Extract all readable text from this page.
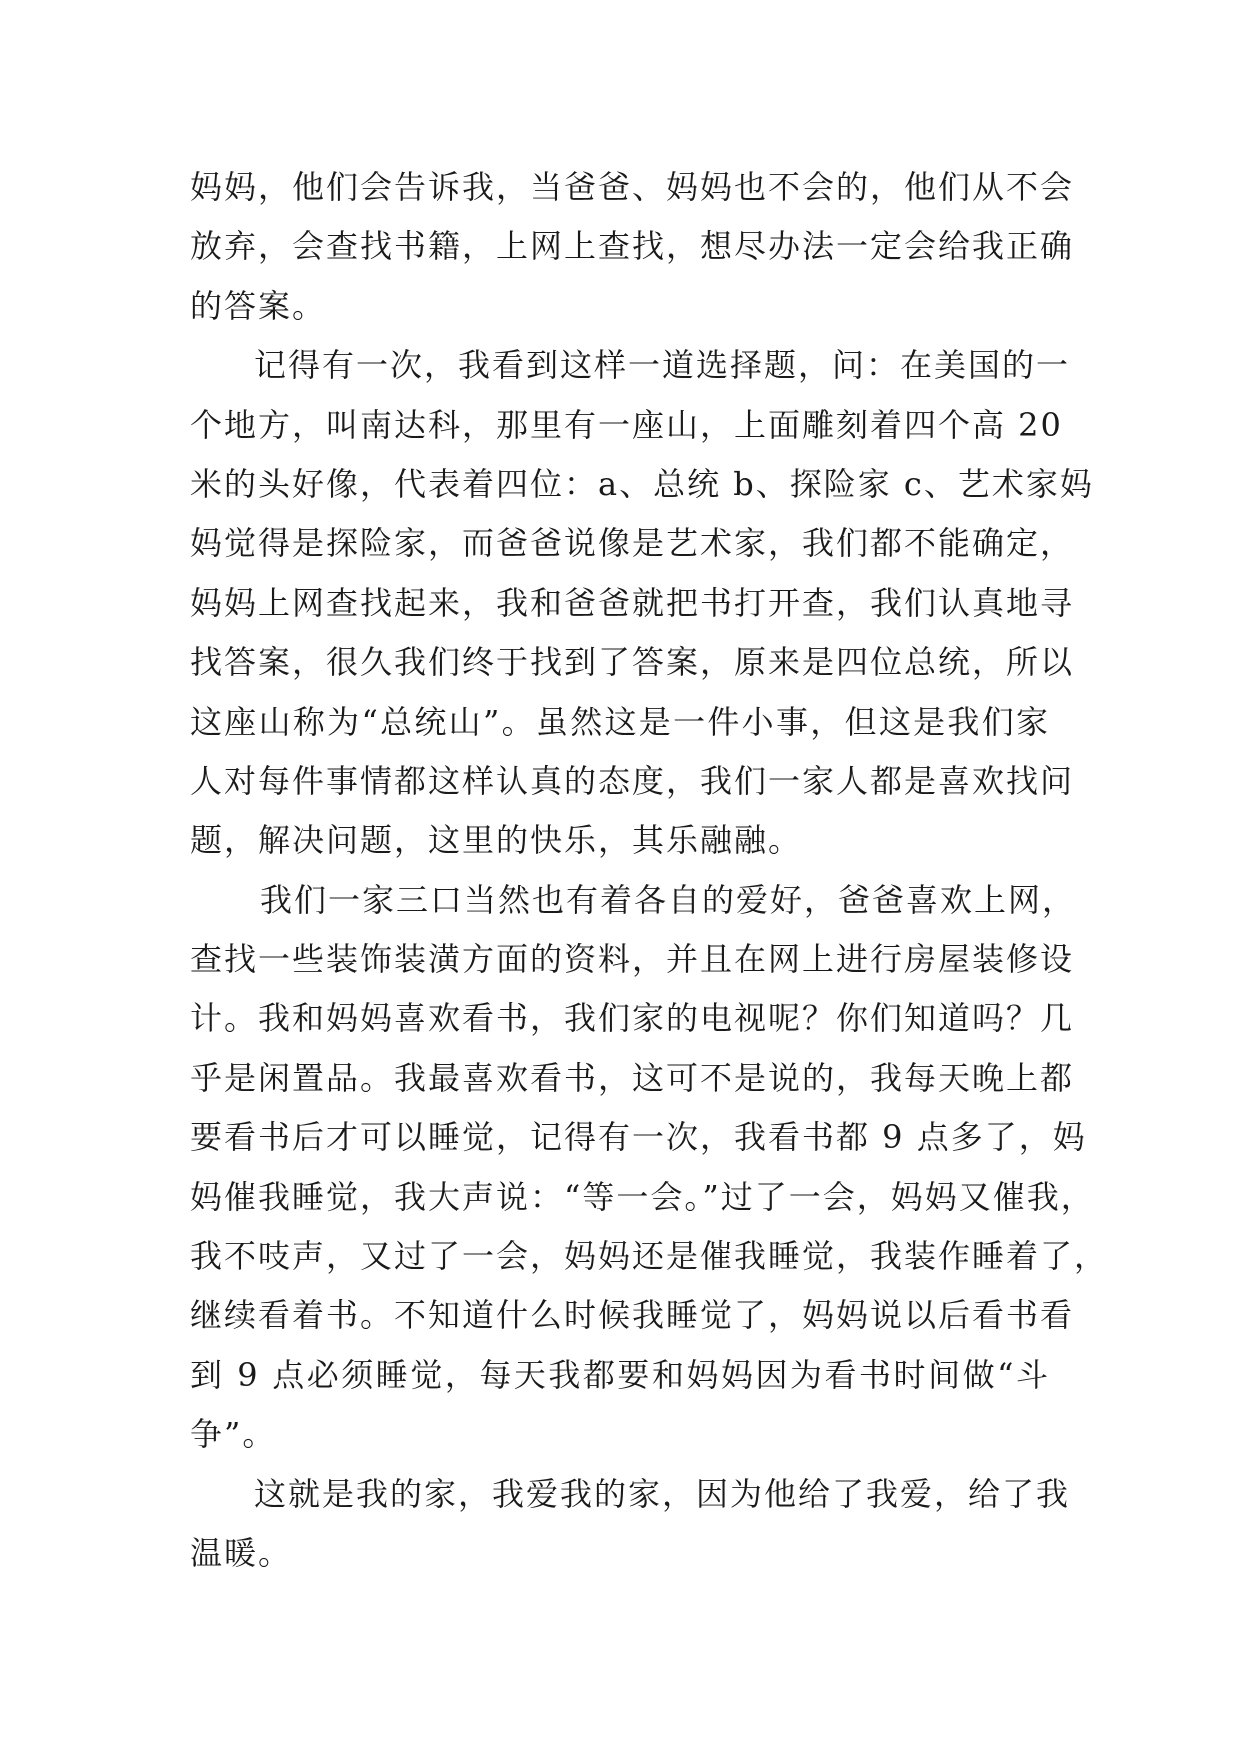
妈妈，他们会告诉我，当爸爸、妈妈也不会的，他们从不会
放弃，会查找书籍，上网上查找，想尽办法一定会给我正确
的答案。
记得有一次，我看到这样一道选择题，问：在美国的一
个地方，叫南达科，那里有一座山，上面雕刻着四个高 20
米的头好像，代表着四位：a、总统 b、探险家 c、艺术家妈
妈觉得是探险家，而爸爸说像是艺术家，我们都不能确定，
妈妈上网查找起来，我和爸爸就把书打开查，我们认真地寻
找答案，很久我们终于找到了答案，原来是四位总统，所以
这座山称为“总统山”。虽然这是一件小事，但这是我们家
人对每件事情都这样认真的态度，我们一家人都是喜欢找问
题，解决问题，这里的快乐，其乐融融。
我们一家三口当然也有着各自的爱好，爸爸喜欢上网，
查找一些装饰装潢方面的资料，并且在网上进行房屋装修设
计。我和妈妈喜欢看书，我们家的电视呢？你们知道吗？几
乎是闲置品。我最喜欢看书，这可不是说的，我每天晚上都
要看书后才可以睡觉，记得有一次，我看书都 9 点多了，妈
妈催我睡觉，我大声说：“等一会。”过了一会，妈妈又催我，
我不吱声，又过了一会，妈妈还是催我睡觉，我装作睡着了，
继续看着书。不知道什么时候我睡觉了，妈妈说以后看书看
到 9 点必须睡觉，每天我都要和妈妈因为看书时间做“斗
争”。
这就是我的家，我爱我的家，因为他给了我爱，给了我
温暖。
